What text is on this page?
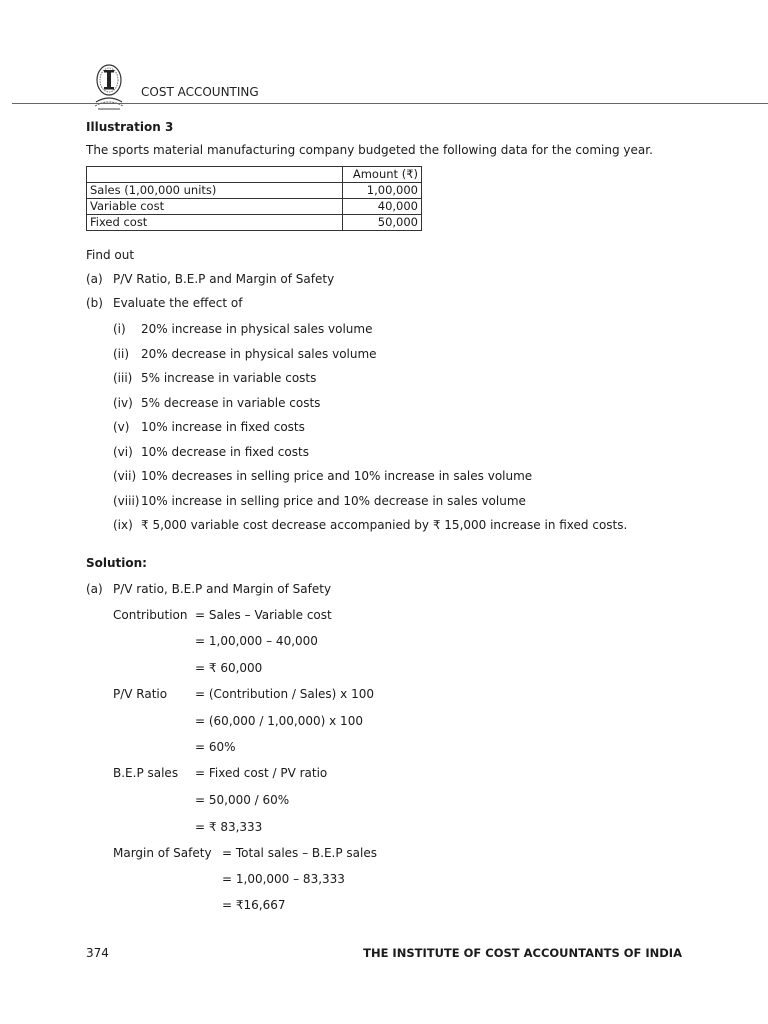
COST ACCOUNTING
Illustration 3
The sports material manufacturing company budgeted the following data for the coming year.
	Amount (₹)
Sales (1,00,000 units)	1,00,000
Variable cost	40,000
Fixed cost	50,000
Find out
(a) P/V Ratio, B.E.P and Margin of Safety
(b) Evaluate the effect of
(i) 20% increase in physical sales volume
(ii) 20% decrease in physical sales volume
(iii) 5% increase in variable costs
(iv) 5% decrease in variable costs
(v) 10% increase in fixed costs
(vi) 10% decrease in fixed costs
(vii) 10% decreases in selling price and 10% increase in sales volume
(viii) 10% increase in selling price and 10% decrease in sales volume
(ix) ₹ 5,000 variable cost decrease accompanied by ₹ 15,000 increase in fixed costs.
Solution:
(a) P/V ratio, B.E.P and Margin of Safety
Contribution = Sales – Variable cost
= 1,00,000 – 40,000
= ₹ 60,000
P/V Ratio = (Contribution / Sales) x 100
= (60,000 / 1,00,000) x 100
= 60%
B.E.P sales = Fixed cost / PV ratio
= 50,000 / 60%
= ₹ 83,333
Margin of Safety = Total sales – B.E.P sales
= 1,00,000 – 83,333
= ₹16,667
374	THE INSTITUTE OF COST ACCOUNTANTS OF INDIA
